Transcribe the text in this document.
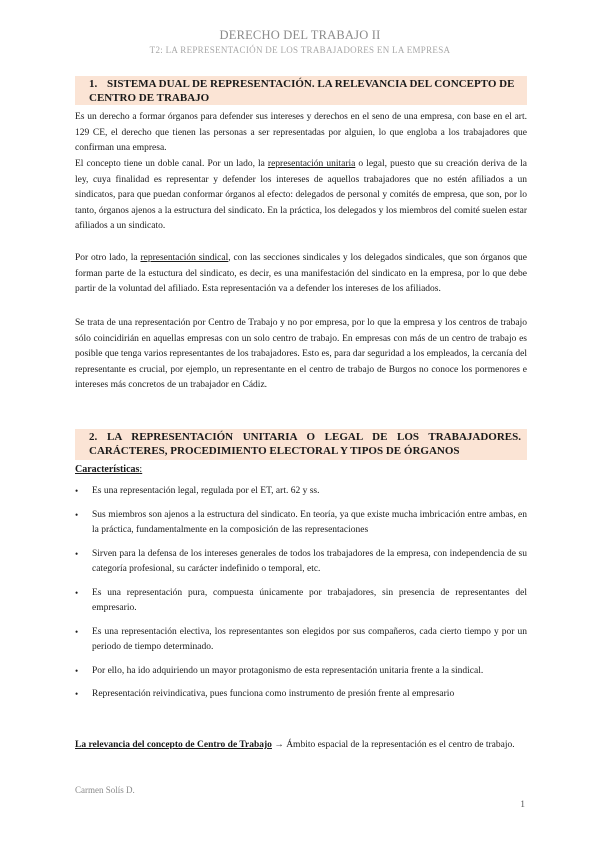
DERECHO DEL TRABAJO II
T2: LA REPRESENTACIÓN DE LOS TRABAJADORES EN LA EMPRESA
1. SISTEMA DUAL DE REPRESENTACIÓN. LA RELEVANCIA DEL CONCEPTO DE CENTRO DE TRABAJO

Es un derecho a formar órganos para defender sus intereses y derechos en el seno de una empresa, con base en el art. 129 CE, el derecho que tienen las personas a ser representadas por alguien, lo que engloba a los trabajadores que confirman una empresa.

El concepto tiene un doble canal. Por un lado, la representación unitaria o legal, puesto que su creación deriva de la ley, cuya finalidad es representar y defender los intereses de aquellos trabajadores que no estén afiliados a un sindicatos, para que puedan conformar órganos al efecto: delegados de personal y comités de empresa, que son, por lo tanto, órganos ajenos a la estructura del sindicato. En la práctica, los delegados y los miembros del comité suelen estar afiliados a un sindicato.

Por otro lado, la representación sindical, con las secciones sindicales y los delegados sindicales, que son órganos que forman parte de la estuctura del sindicato, es decir, es una manifestación del sindicato en la empresa, por lo que debe partir de la voluntad del afiliado. Esta representación va a defender los intereses de los afiliados.

Se trata de una representación por Centro de Trabajo y no por empresa, por lo que la empresa y los centros de trabajo sólo coincidirián en aquellas empresas con un solo centro de trabajo. En empresas con más de un centro de trabajo es posible que tenga varios representantes de los trabajadores. Esto es, para dar seguridad a los empleados, la cercanía del representante es crucial, por ejemplo, un representante en el centro de trabajo de Burgos no conoce los pormenores e intereses más concretos de un trabajador en Cádiz.

2. LA REPRESENTACIÓN UNITARIA O LEGAL DE LOS TRABAJADORES. CARÁCTERES, PROCEDIMIENTO ELECTORAL Y TIPOS DE ÓRGANOS
Características:
• Es una representación legal, regulada por el ET, art. 62 y ss.
• Sus miembros son ajenos a la estructura del sindicato. En teoría, ya que existe mucha imbricación entre ambas, en la práctica, fundamentalmente en la composición de las representaciones
• Sirven para la defensa de los intereses generales de todos los trabajadores de la empresa, con independencia de su categoría profesional, su carácter indefinido o temporal, etc.
• Es una representación pura, compuesta únicamente por trabajadores, sin presencia de representantes del empresario.
• Es una representación electiva, los representantes son elegidos por sus compañeros, cada cierto tiempo y por un periodo de tiempo determinado.
• Por ello, ha ido adquiriendo un mayor protagonismo de esta representación unitaria frente a la sindical.
• Representación reivindicativa, pues funciona como instrumento de presión frente al empresario

La relevancia del concepto de Centro de Trabajo → Ámbito espacial de la representación es el centro de trabajo.

Carmen Solís D.
1
